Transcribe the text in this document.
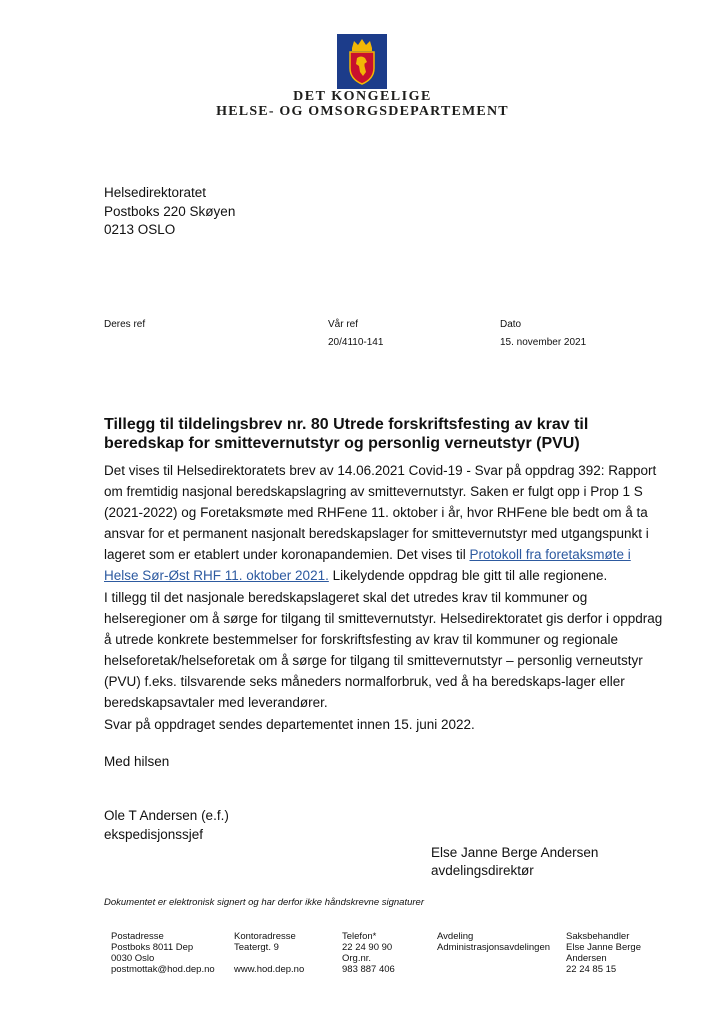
DET KONGELIGE
HELSE- OG OMSORGSDEPARTEMENT
Helsedirektoratet
Postboks 220 Skøyen
0213 OSLO
Deres ref	Vår ref
20/4110-141
Dato
15. november 2021
Tillegg til tildelingsbrev nr. 80 Utrede forskriftsfesting av krav til beredskap for smittevernutstyr og personlig verneutstyr (PVU)
Det vises til Helsedirektoratets brev av 14.06.2021 Covid-19 - Svar på oppdrag 392: Rapport om fremtidig nasjonal beredskapslagring av smittevernutstyr. Saken er fulgt opp i Prop 1 S (2021-2022) og Foretaksmøte med RHFene 11. oktober i år, hvor RHFene ble bedt om å ta ansvar for et permanent nasjonalt beredskapslager for smittevernutstyr med utgangspunkt i lageret som er etablert under koronapandemien. Det vises til Protokoll fra foretaksmøte i Helse Sør-Øst RHF 11. oktober 2021. Likelydende oppdrag ble gitt til alle regionene.
I tillegg til det nasjonale beredskapslageret skal det utredes krav til kommuner og helseregioner om å sørge for tilgang til smittevernutstyr. Helsedirektoratet gis derfor i oppdrag å utrede konkrete bestemmelser for forskriftsfesting av krav til kommuner og regionale helseforetak/helseforetak om å sørge for tilgang til smittevernutstyr – personlig verneutstyr (PVU) f.eks. tilsvarende seks måneders normalforbruk, ved å ha beredskaps-lager eller beredskapsavtaler med leverandører.
Svar på oppdraget sendes departementet innen 15. juni 2022.
Med hilsen
Ole T Andersen (e.f.)
ekspedisjonssjef
Else Janne Berge Andersen
avdelingsdirektør
Dokumentet er elektronisk signert og har derfor ikke håndskrevne signaturer
Postadresse
Postboks 8011 Dep
0030 Oslo
postmottak@hod.dep.no
Kontoradresse
Teatergt. 9
www.hod.dep.no
Telefon*
22 24 90 90
Org.nr.
983 887 406
Avdeling
Administrasjonsavdelingen
Saksbehandler
Else Janne Berge
Andersen
22 24 85 15
